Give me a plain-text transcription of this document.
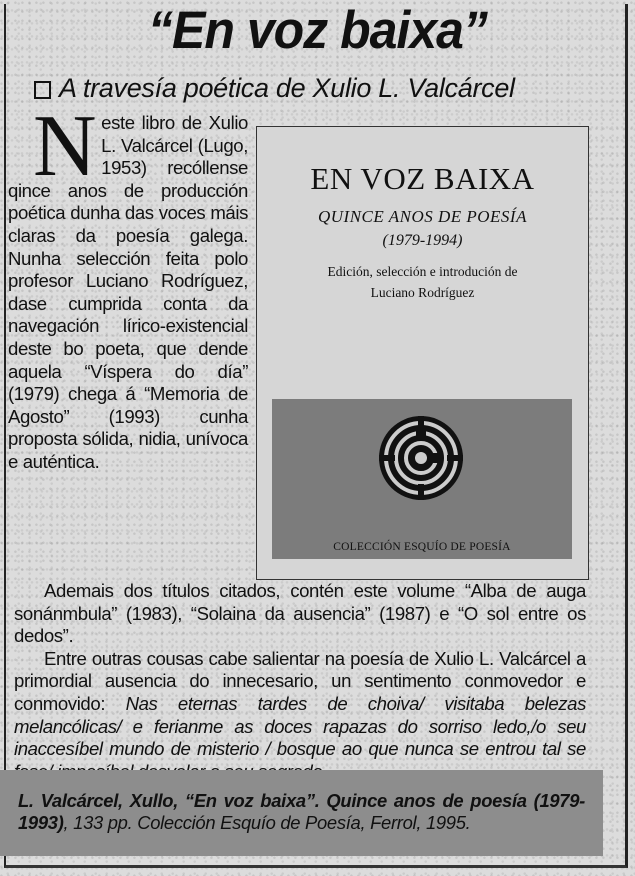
“En voz baixa”
A travesía poética de Xulio L. Valcárcel
Neste libro de Xulio L. Valcárcel (Lugo, 1953) recóllense qince anos de producción poética dunha das voces máis claras da poesía galega. Nunha selección feita polo profesor Luciano Rodríguez, dase cumprida conta da navegación lírico-existencial deste bo poeta, que dende aquela “Víspera do día” (1979) chega á “Memoria de Agosto” (1993) cunha proposta sólida, nidia, unívoca e auténtica.
EN VOZ BAIXA
QUINCE ANOS DE POESÍA
(1979-1994)
Edición, selección e introdución de
Luciano Rodríguez
COLECCIÓN ESQUÍO DE POESÍA

Ademais dos títulos citados, contén este volume “Alba de auga sonánmbula” (1983), “Solaina da ausencia” (1987) e “O sol entre os dedos”.

Entre outras cousas cabe salientar na poesía de Xulio L. Valcárcel a primordial ausencia do innecesario, un sentimento conmovedor e conmovido: Nas eternas tardes de choiva/ visitaba belezas melancólicas/ e ferianme as doces rapazas do sorriso ledo,/o seu inaccesíbel mundo de misterio / bosque ao que nunca se entrou tal se

L. Valcárcel, Xullo, “En voz baixa”. Quince anos de poesía (1979-1993), 133 pp. Colección Esquío de Poesía, Ferrol, 1995.
